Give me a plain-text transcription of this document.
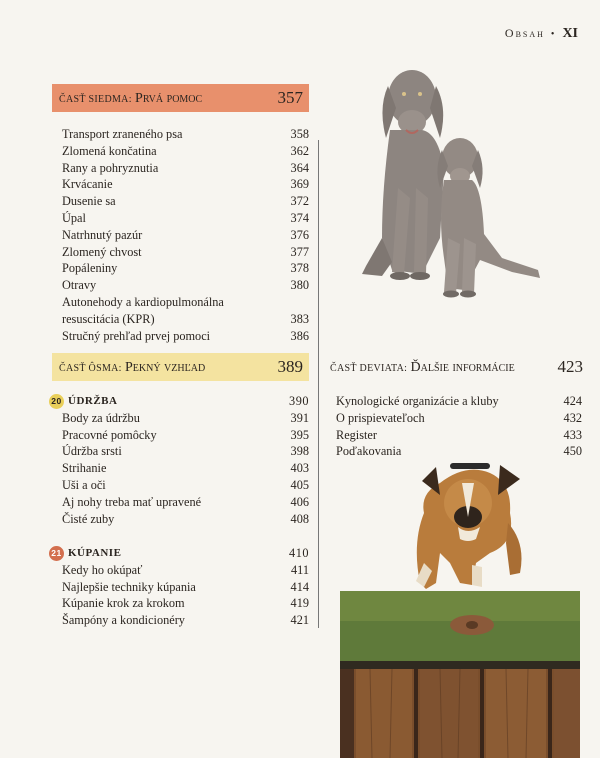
Obsah • XI
ČASŤ SIEDMA: Prvá pomoc	357
Transport zraneného psa	358
Zlomená končatina	362
Rany a pohryznutia	364
Krvácanie	369
Dusenie sa	372
Úpal	374
Natrhnutý pazúr	376
Zlomený chvost	377
Popáleniny	378
Otravy	380
Autonehody a kardiopulmonálna resuscitácia (KPR)	383
Stručný prehľad prvej pomoci	386
ČASŤ ÔSMA: Pekný vzhľad	389
20 ÚDRŽBA	390
Body za údržbu	391
Pracovné pomôcky	395
Údržba srsti	398
Strihanie	403
Uši a oči	405
Aj nohy treba mať upravené	406
Čisté zuby	408
21 KÚPANIE	410
Kedy ho okúpať	411
Najlepšie techniky kúpania	414
Kúpanie krok za krokom	419
Šampóny a kondicionéry	421
ČASŤ DEVIATA: Ďalšie informácie	423
Kynologické organizácie a kluby	424
O prispievateľoch	432
Register	433
Poďakovania	450
